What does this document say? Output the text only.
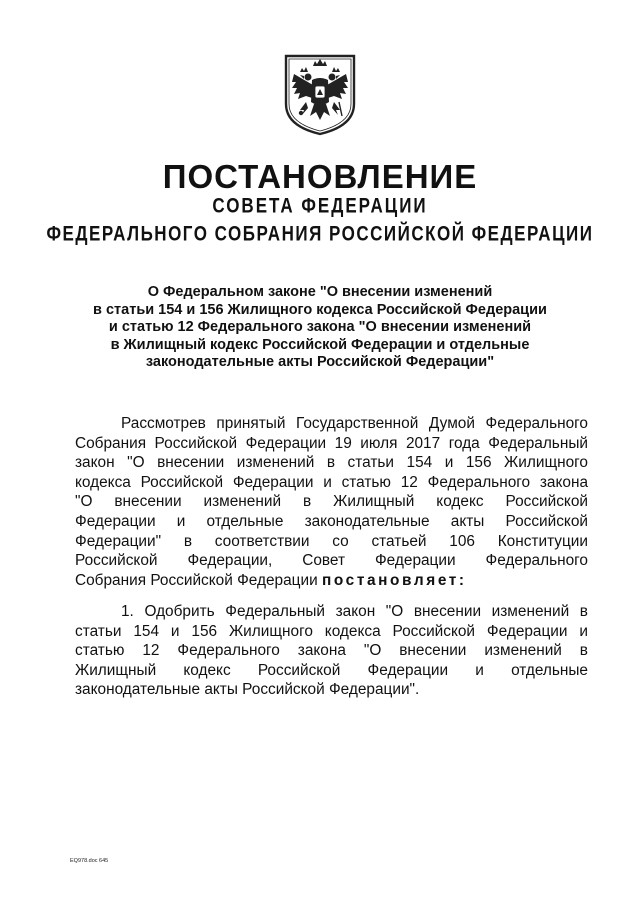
ПОСТАНОВЛЕНИЕ
СОВЕТА ФЕДЕРАЦИИ
ФЕДЕРАЛЬНОГО СОБРАНИЯ РОССИЙСКОЙ ФЕДЕРАЦИИ
О Федеральном законе "О внесении изменений
в статьи 154 и 156 Жилищного кодекса Российской Федерации
и статью 12 Федерального закона "О внесении изменений
в Жилищный кодекс Российской Федерации и отдельные
законодательные акты Российской Федерации"
Рассмотрев принятый Государственной Думой Федерального
Собрания Российской Федерации 19 июля 2017 года Федеральный
закон "О внесении изменений в статьи 154 и 156 Жилищного
кодекса Российской Федерации и статью 12 Федерального закона
"О внесении изменений в Жилищный кодекс Российской
Федерации и отдельные законодательные акты Российской
Федерации" в соответствии со статьей 106 Конституции
Российской Федерации, Совет Федерации Федерального
Собрания Российской Федерации постановляет:
1. Одобрить Федеральный закон "О внесении изменений в
статьи 154 и 156 Жилищного кодекса Российской Федерации и
статью 12 Федерального закона "О внесении изменений в
Жилищный кодекс Российской Федерации и отдельные
законодательные акты Российской Федерации".
EQ978.doc 645
